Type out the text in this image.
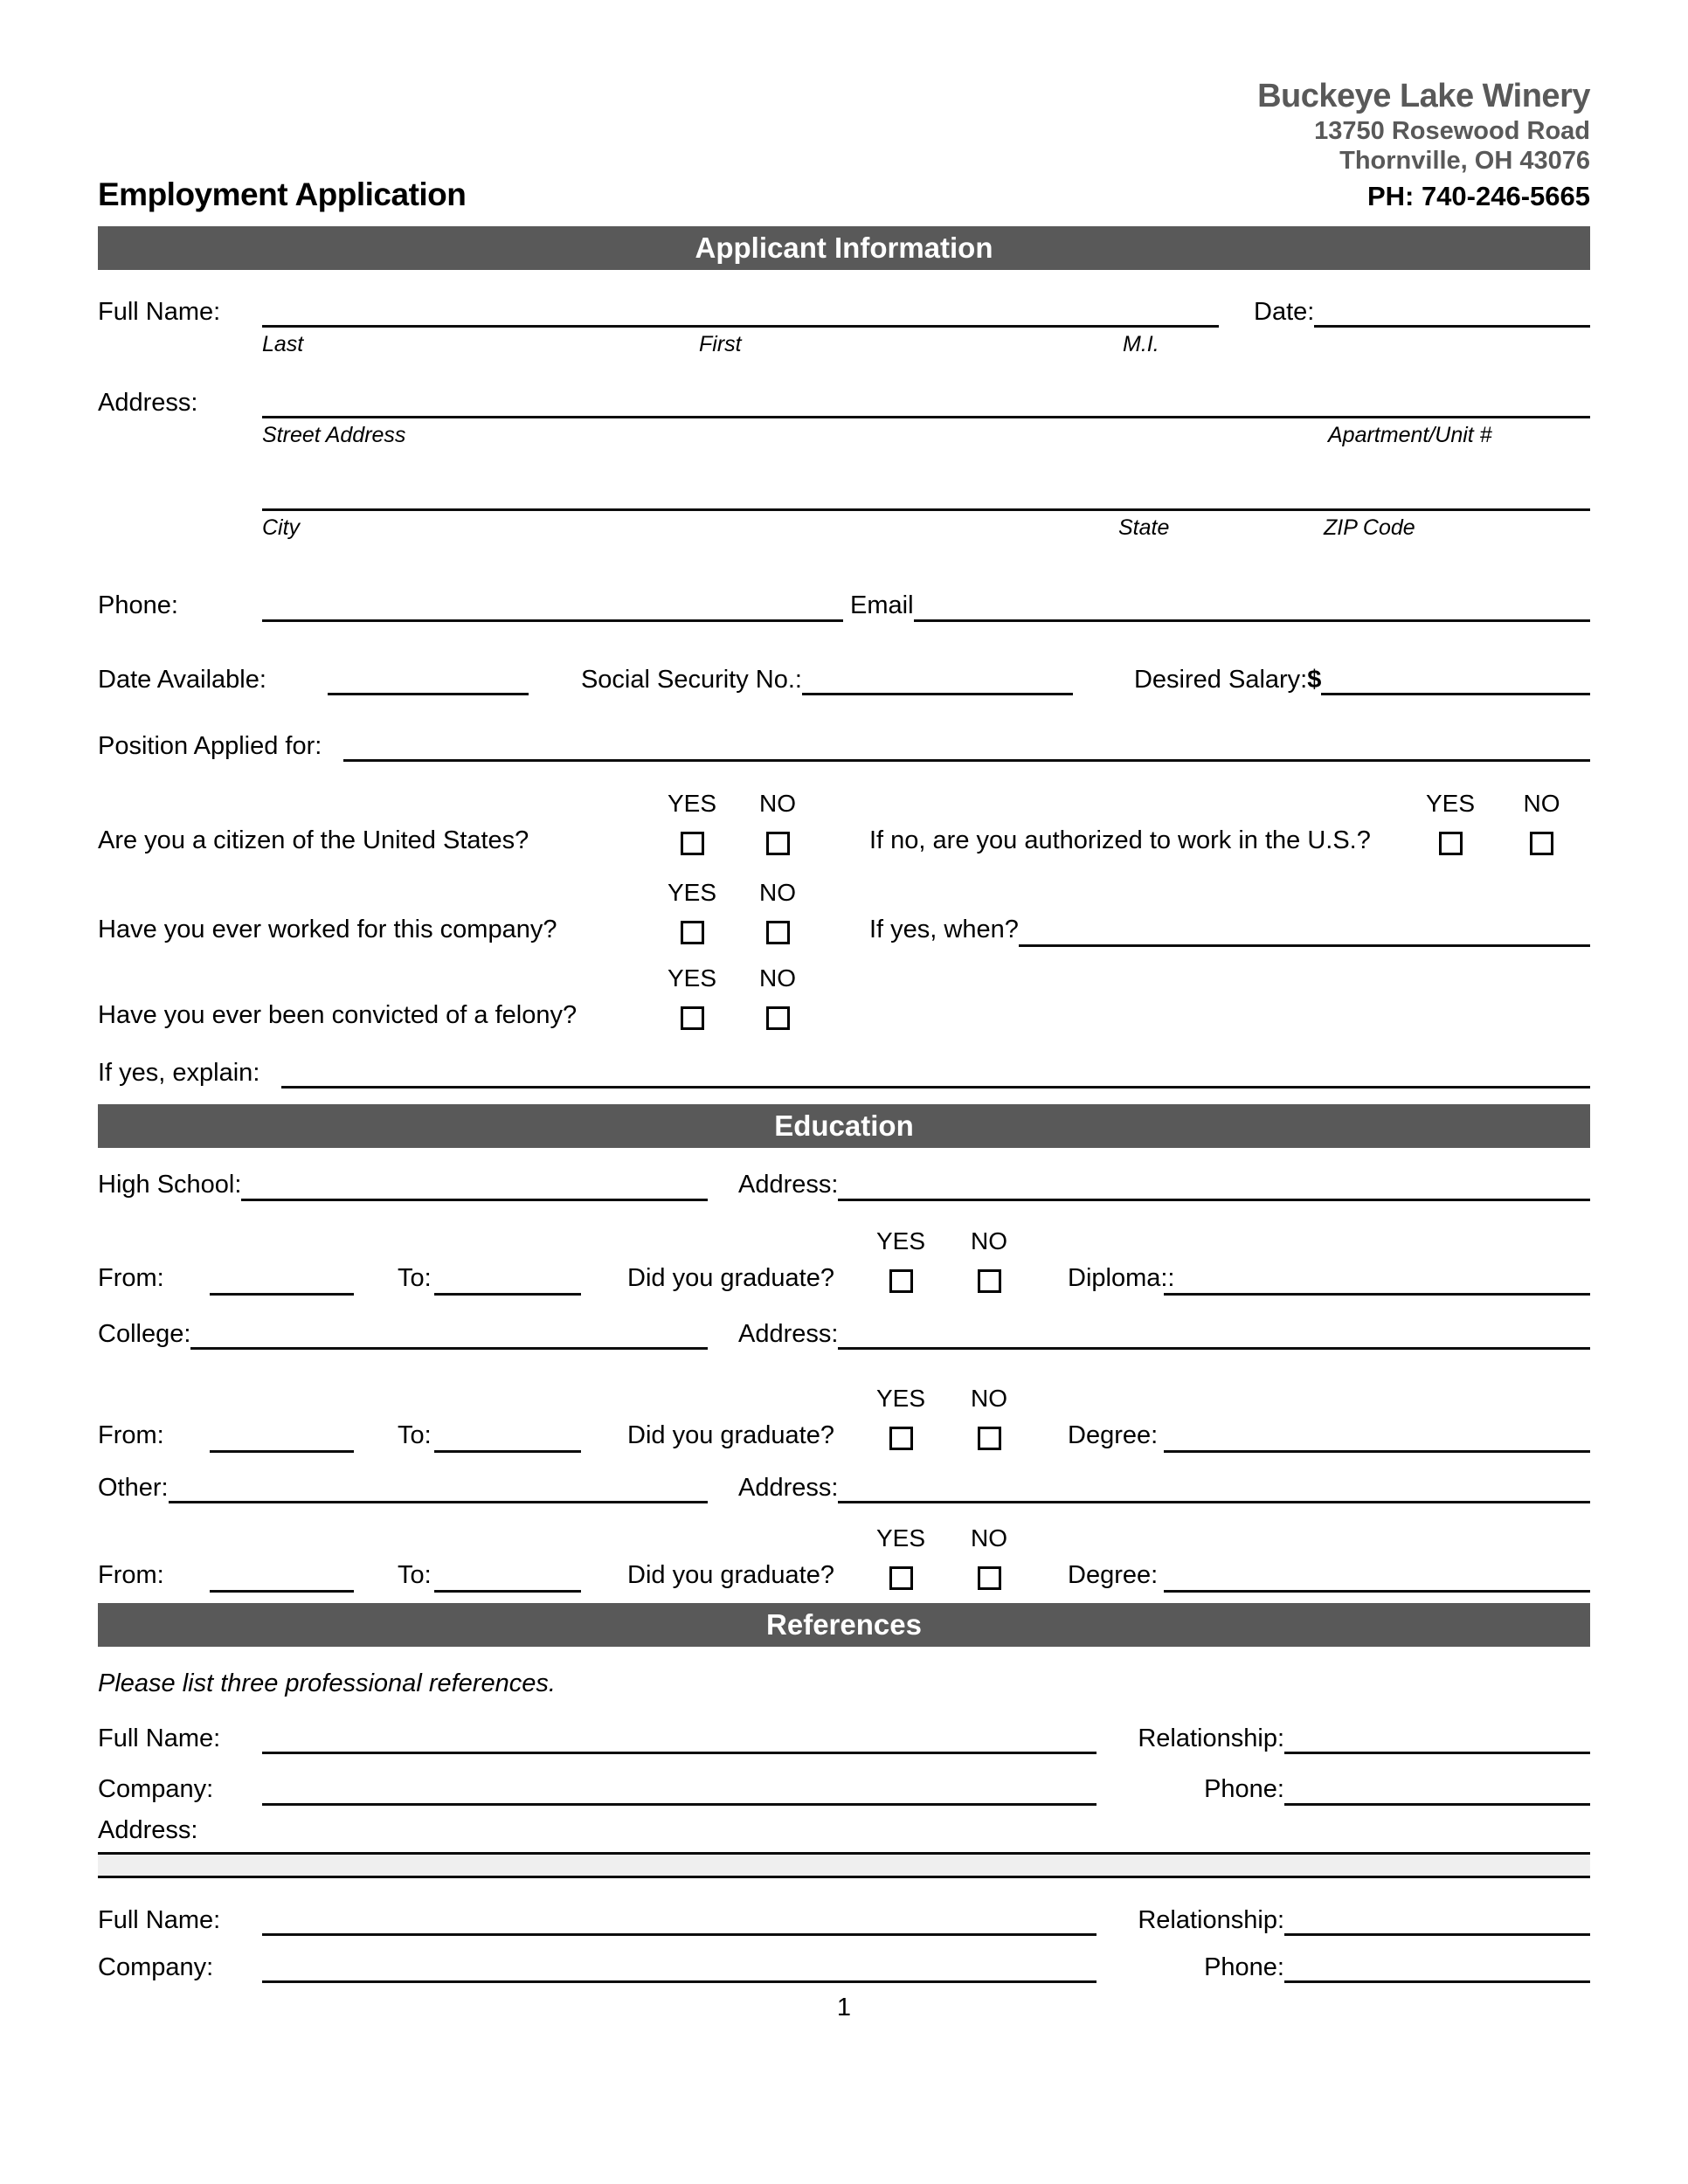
Employment Application
Buckeye Lake Winery
13750 Rosewood Road
Thornville, OH 43076
PH: 740-246-5665
Applicant Information
Full Name:	Date:
Last	First	M.I.
Address:
Street Address	Apartment/Unit #
City	State	ZIP Code
Phone:	Email
Date Available:	Social Security No.:	Desired Salary: $
Position Applied for:
YES	NO	YES	NO
Are you a citizen of the United States?	If no, are you authorized to work in the U.S.?
YES	NO
Have you ever worked for this company?	If yes, when?
YES	NO
Have you ever been convicted of a felony?
If yes, explain:
Education
High School:	Address:
YES	NO
From:	To:	Did you graduate?	Diploma::
College:	Address:
YES	NO
From:	To:	Did you graduate?	Degree:
Other:	Address:
YES	NO
From:	To:	Did you graduate?	Degree:
References
Please list three professional references.
Full Name:	Relationship:
Company:	Phone:
Address:
Full Name:	Relationship:
Company:	Phone:
1
